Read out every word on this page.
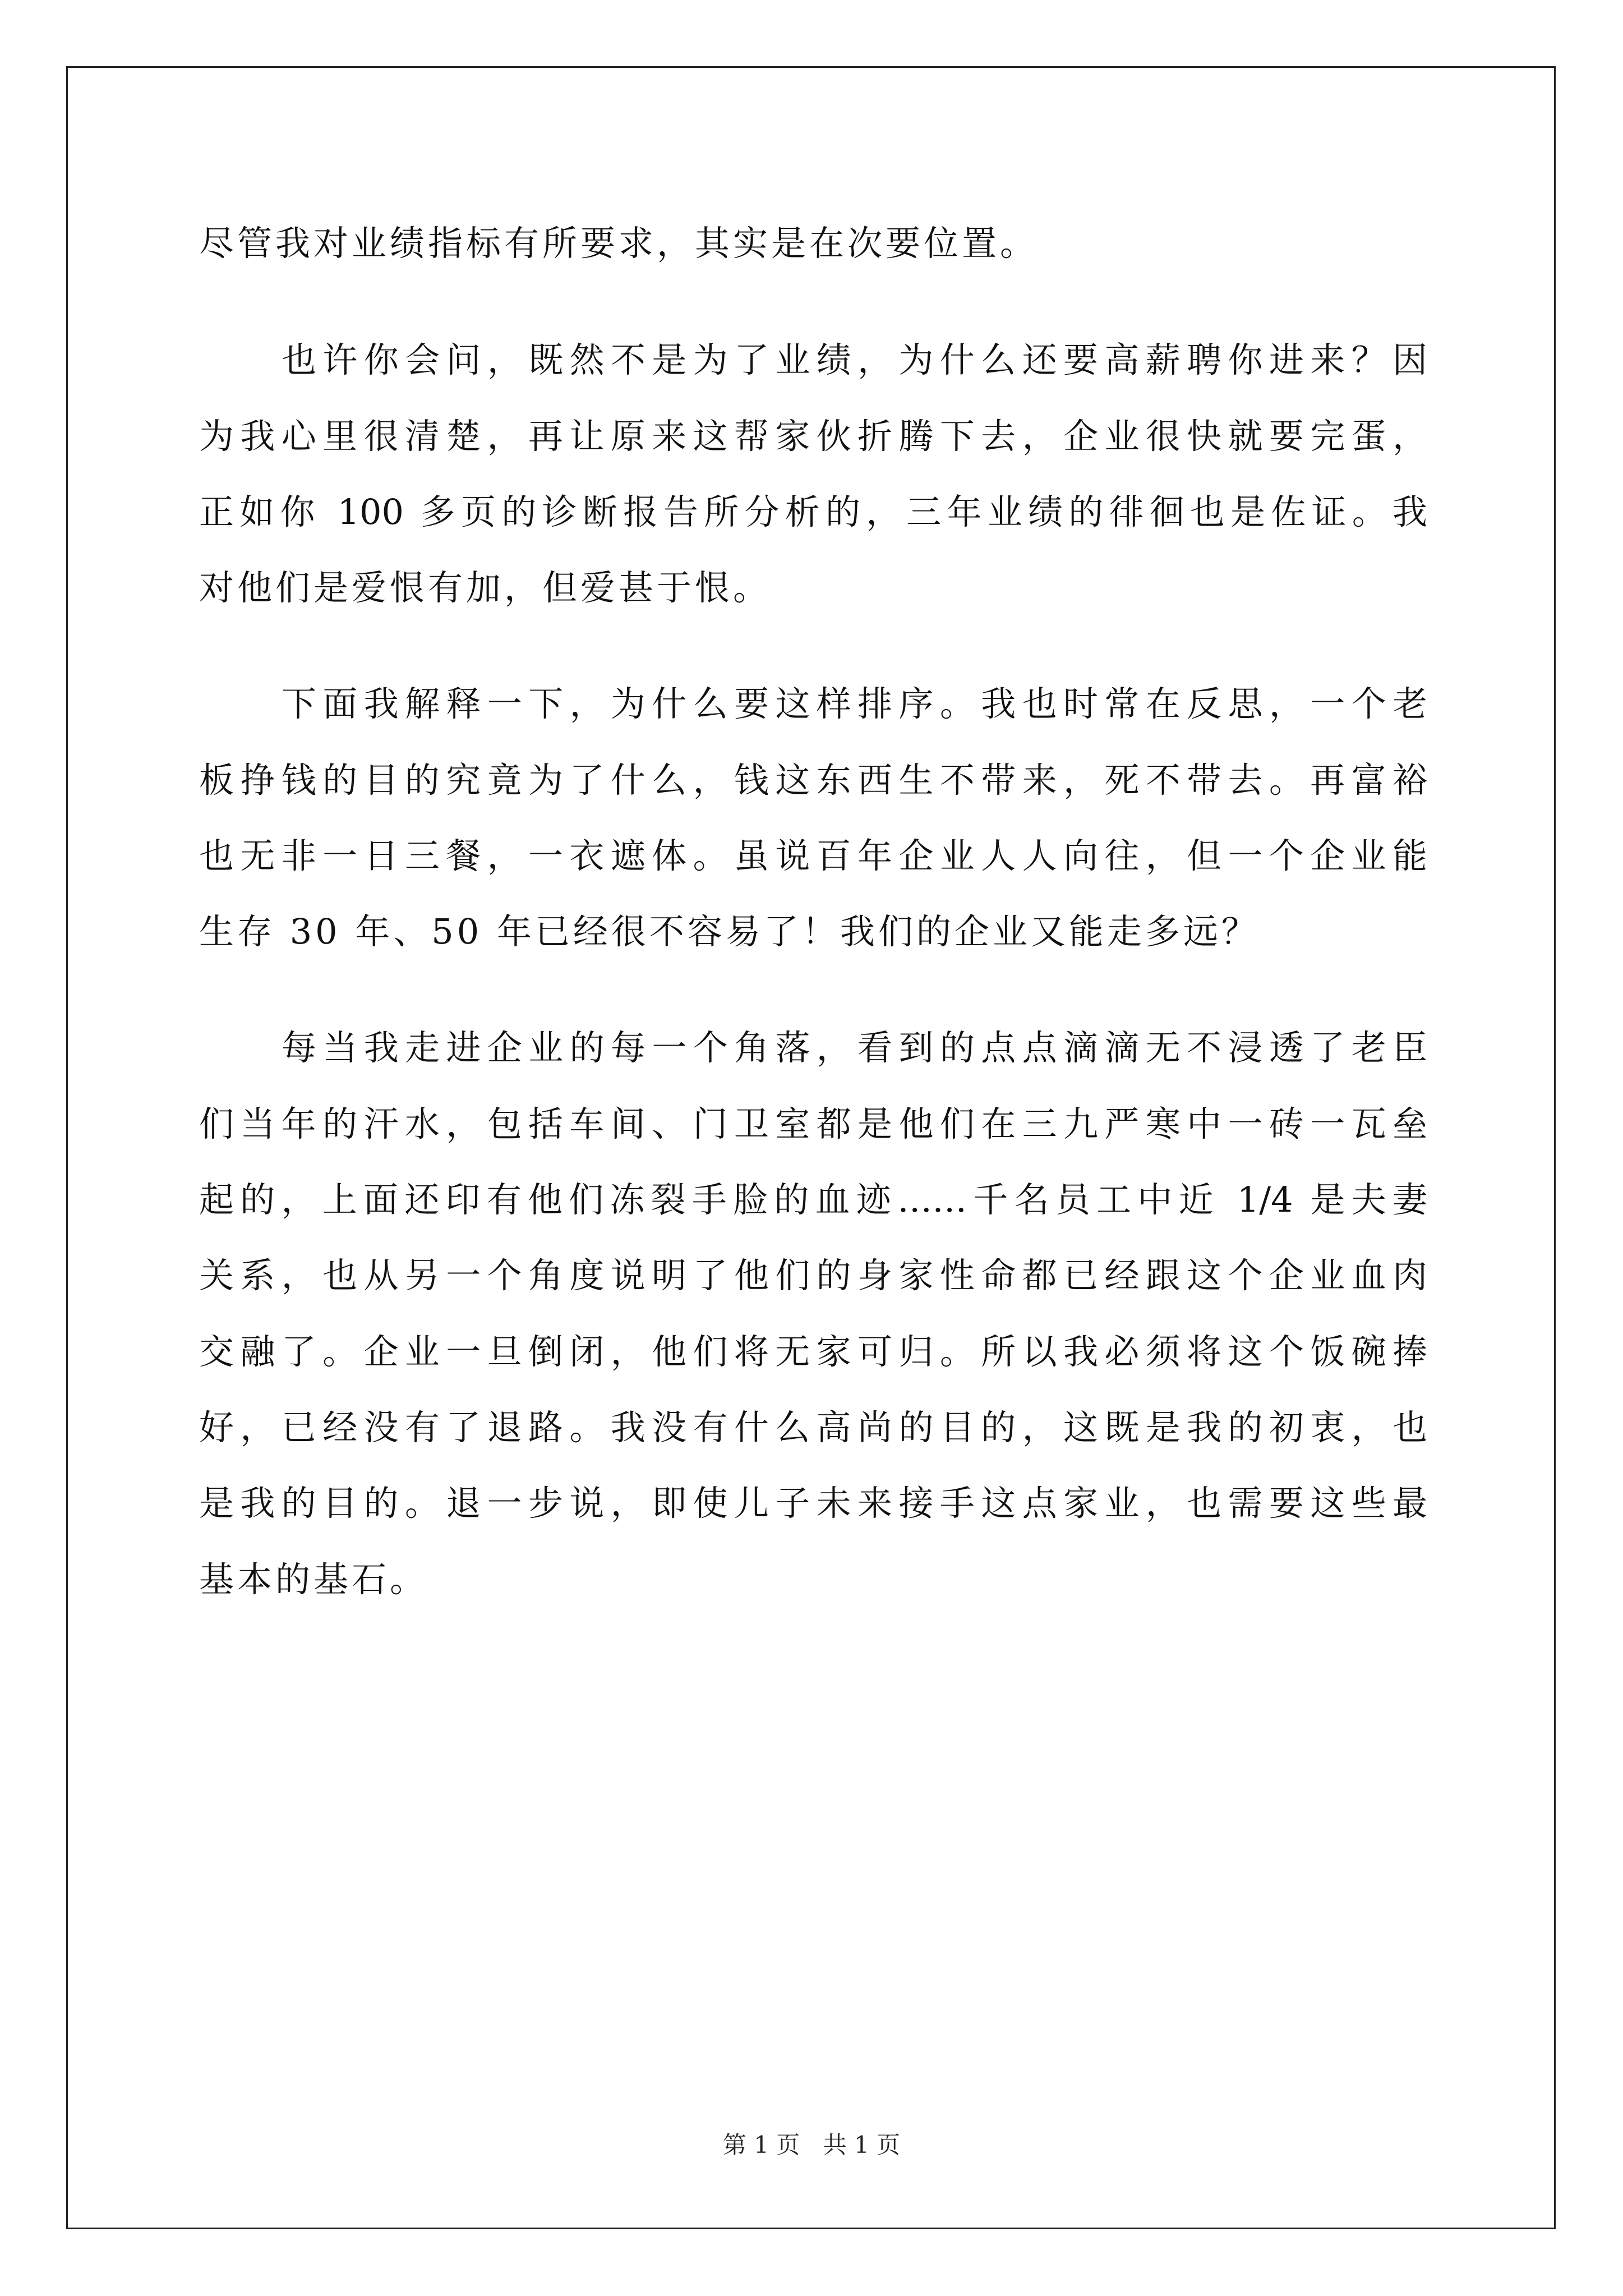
尽管我对业绩指标有所要求，其实是在次要位置。
也许你会问，既然不是为了业绩，为什么还要高薪聘你进来？因
为我心里很清楚，再让原来这帮家伙折腾下去，企业很快就要完蛋，
正如你 100 多页的诊断报告所分析的，三年业绩的徘徊也是佐证。我
对他们是爱恨有加，但爱甚于恨。
下面我解释一下，为什么要这样排序。我也时常在反思，一个老
板挣钱的目的究竟为了什么，钱这东西生不带来，死不带去。再富裕
也无非一日三餐，一衣遮体。虽说百年企业人人向往，但一个企业能
生存 30 年、50 年已经很不容易了！我们的企业又能走多远？
每当我走进企业的每一个角落，看到的点点滴滴无不浸透了老臣
们当年的汗水，包括车间、门卫室都是他们在三九严寒中一砖一瓦垒
起的，上面还印有他们冻裂手脸的血迹……千名员工中近 1/4 是夫妻
关系，也从另一个角度说明了他们的身家性命都已经跟这个企业血肉
交融了。企业一旦倒闭，他们将无家可归。所以我必须将这个饭碗捧
好，已经没有了退路。我没有什么高尚的目的，这既是我的初衷，也
是我的目的。退一步说，即使儿子未来接手这点家业，也需要这些最
基本的基石。
第 1 页 共 1 页
